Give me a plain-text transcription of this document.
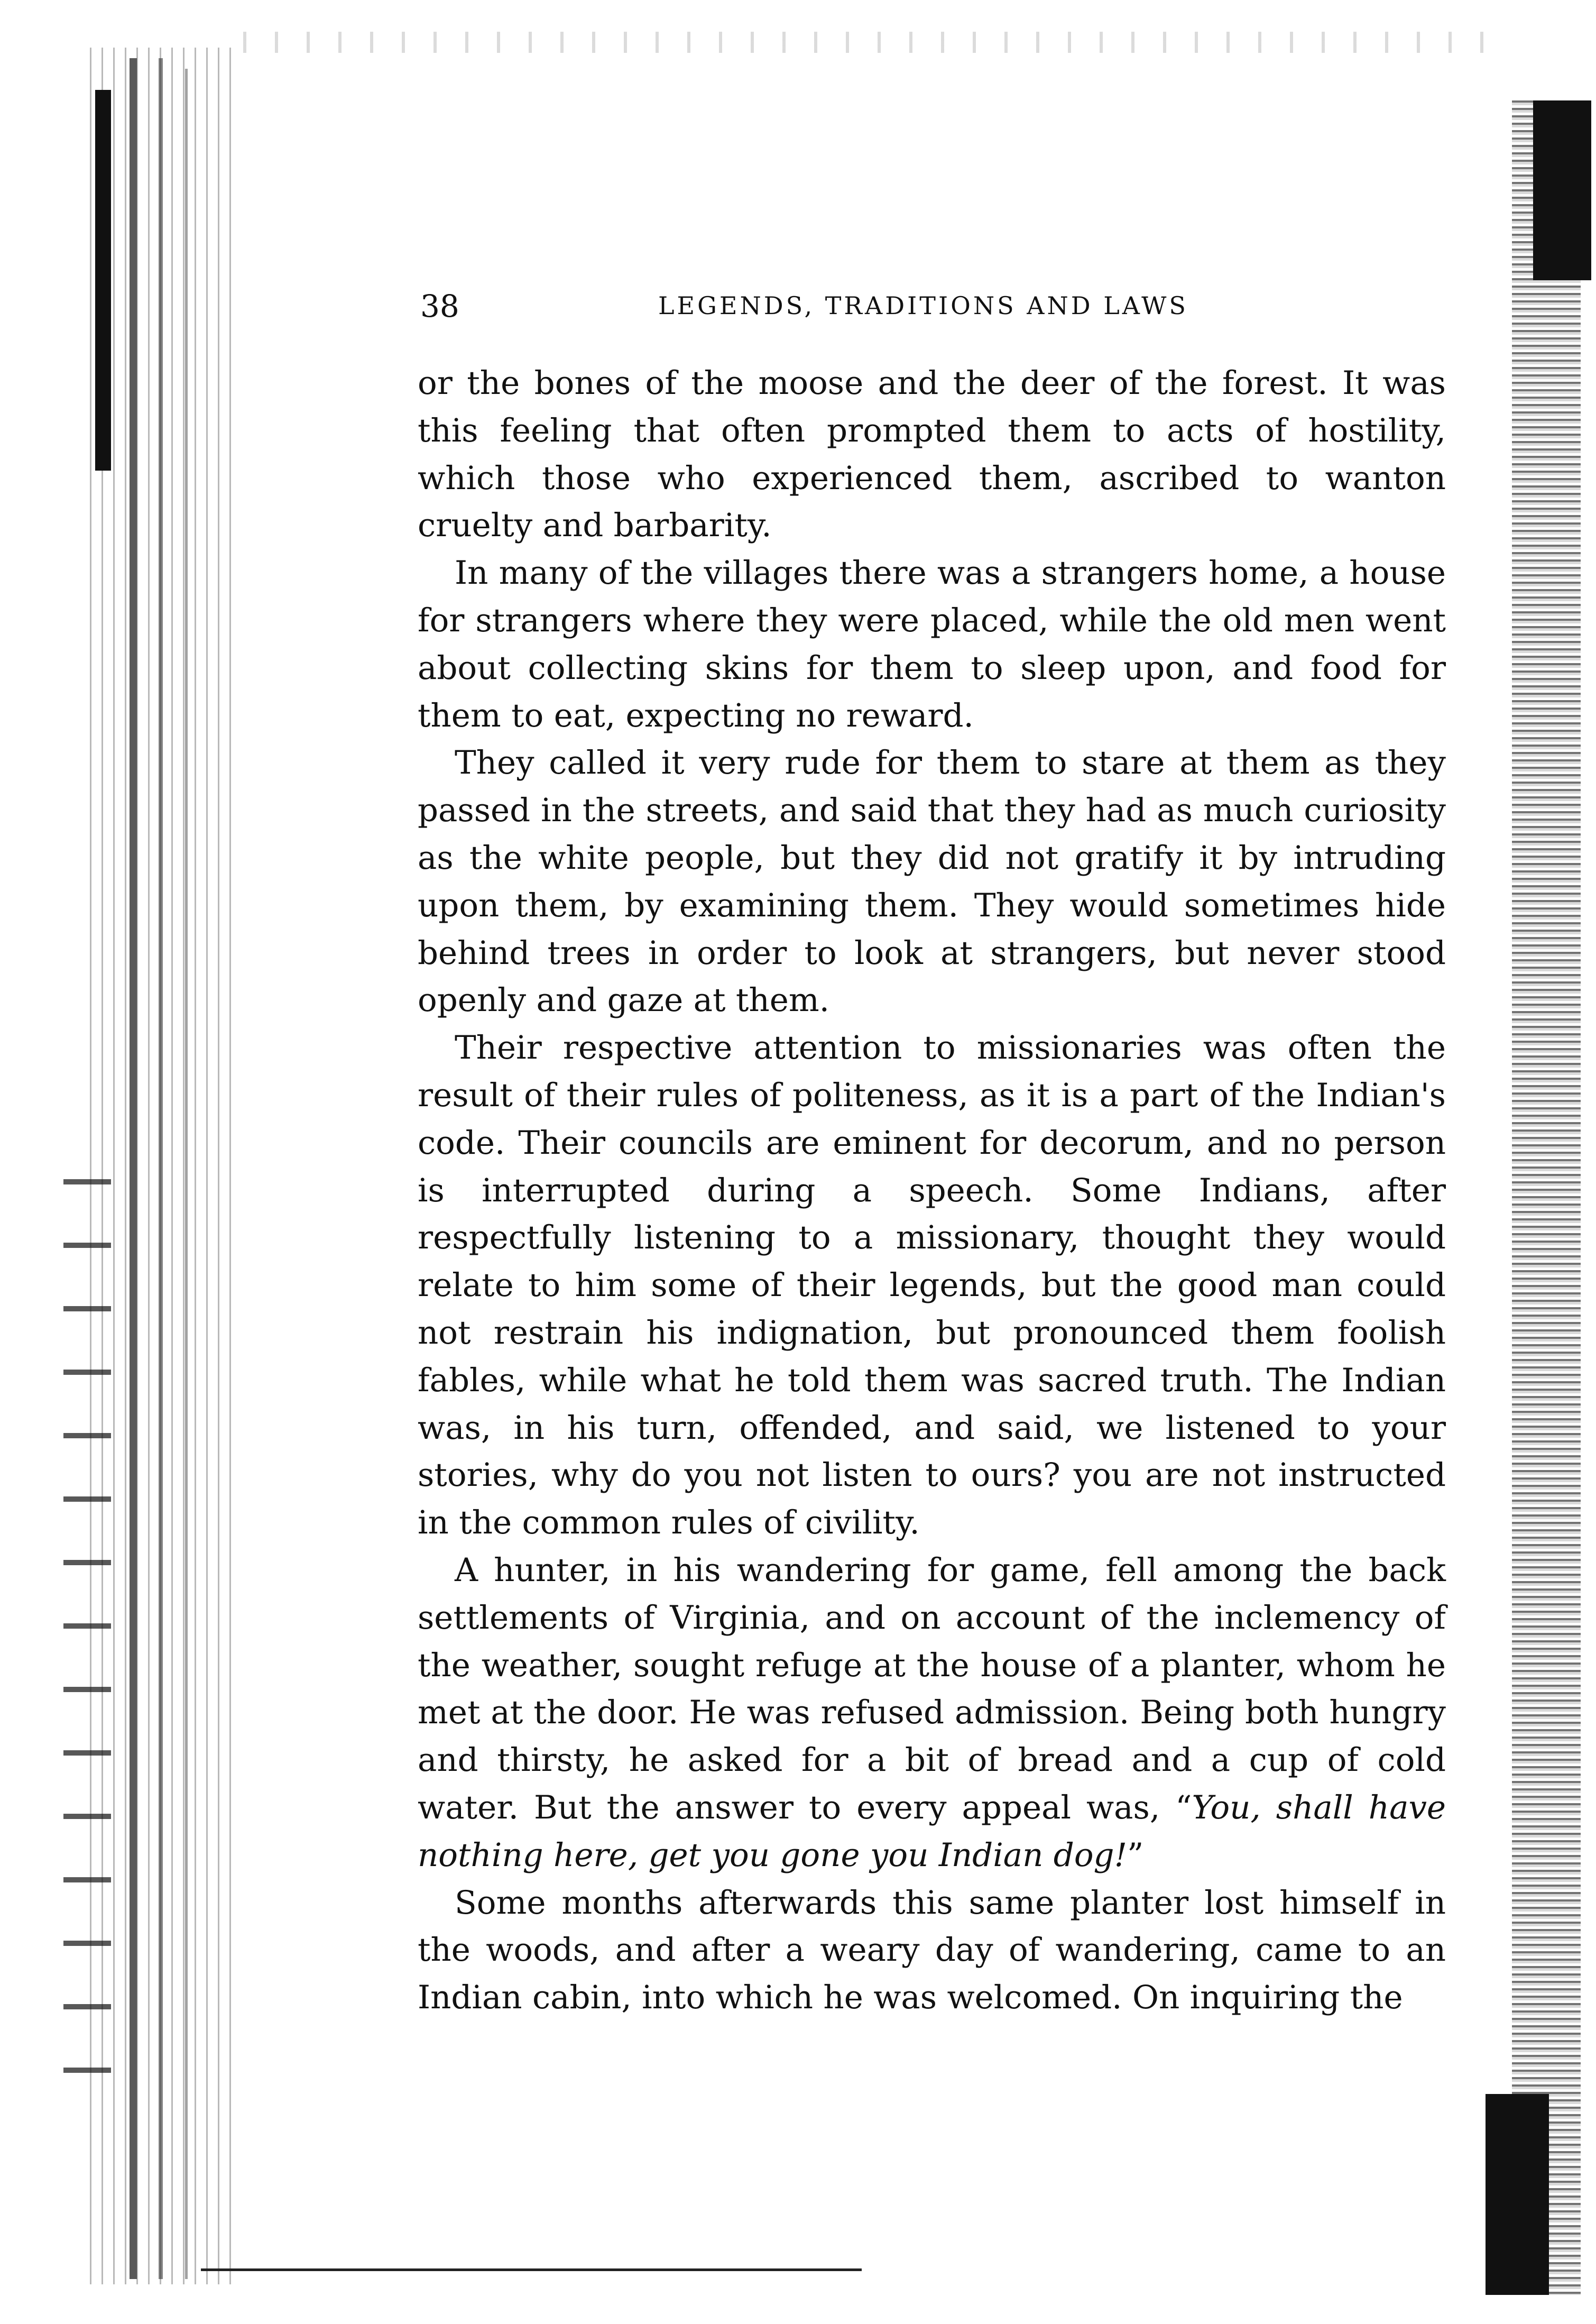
38	LEGENDS, TRADITIONS AND LAWS

or the bones of the moose and the deer of the forest. It was this feeling that often prompted them to acts of hostility, which those who experienced them, ascribed to wanton cruelty and barbarity.

In many of the villages there was a strangers home, a house for strangers where they were placed, while the old men went about collecting skins for them to sleep upon, and food for them to eat, expecting no reward.

They called it very rude for them to stare at them as they passed in the streets, and said that they had as much curiosity as the white people, but they did not gratify it by intruding upon them, by examining them. They would sometimes hide behind trees in order to look at strangers, but never stood openly and gaze at them.

Their respective attention to missionaries was often the result of their rules of politeness, as it is a part of the Indian's code. Their councils are eminent for decorum, and no person is interrupted during a speech. Some Indians, after respectfully listening to a missionary, thought they would relate to him some of their legends, but the good man could not restrain his indignation, but pronounced them foolish fables, while what he told them was sacred truth. The Indian was, in his turn, offended, and said, we listened to your stories, why do you not listen to ours? you are not instructed in the common rules of civility.

A hunter, in his wandering for game, fell among the back settlements of Virginia, and on account of the inclemency of the weather, sought refuge at the house of a planter, whom he met at the door. He was refused admission. Being both hungry and thirsty, he asked for a bit of bread and a cup of cold water. But the answer to every appeal was, “You, shall have nothing here, get you gone you Indian dog!”

Some months afterwards this same planter lost himself in the woods, and after a weary day of wandering, came to an Indian cabin, into which he was welcomed. On inquiring the
